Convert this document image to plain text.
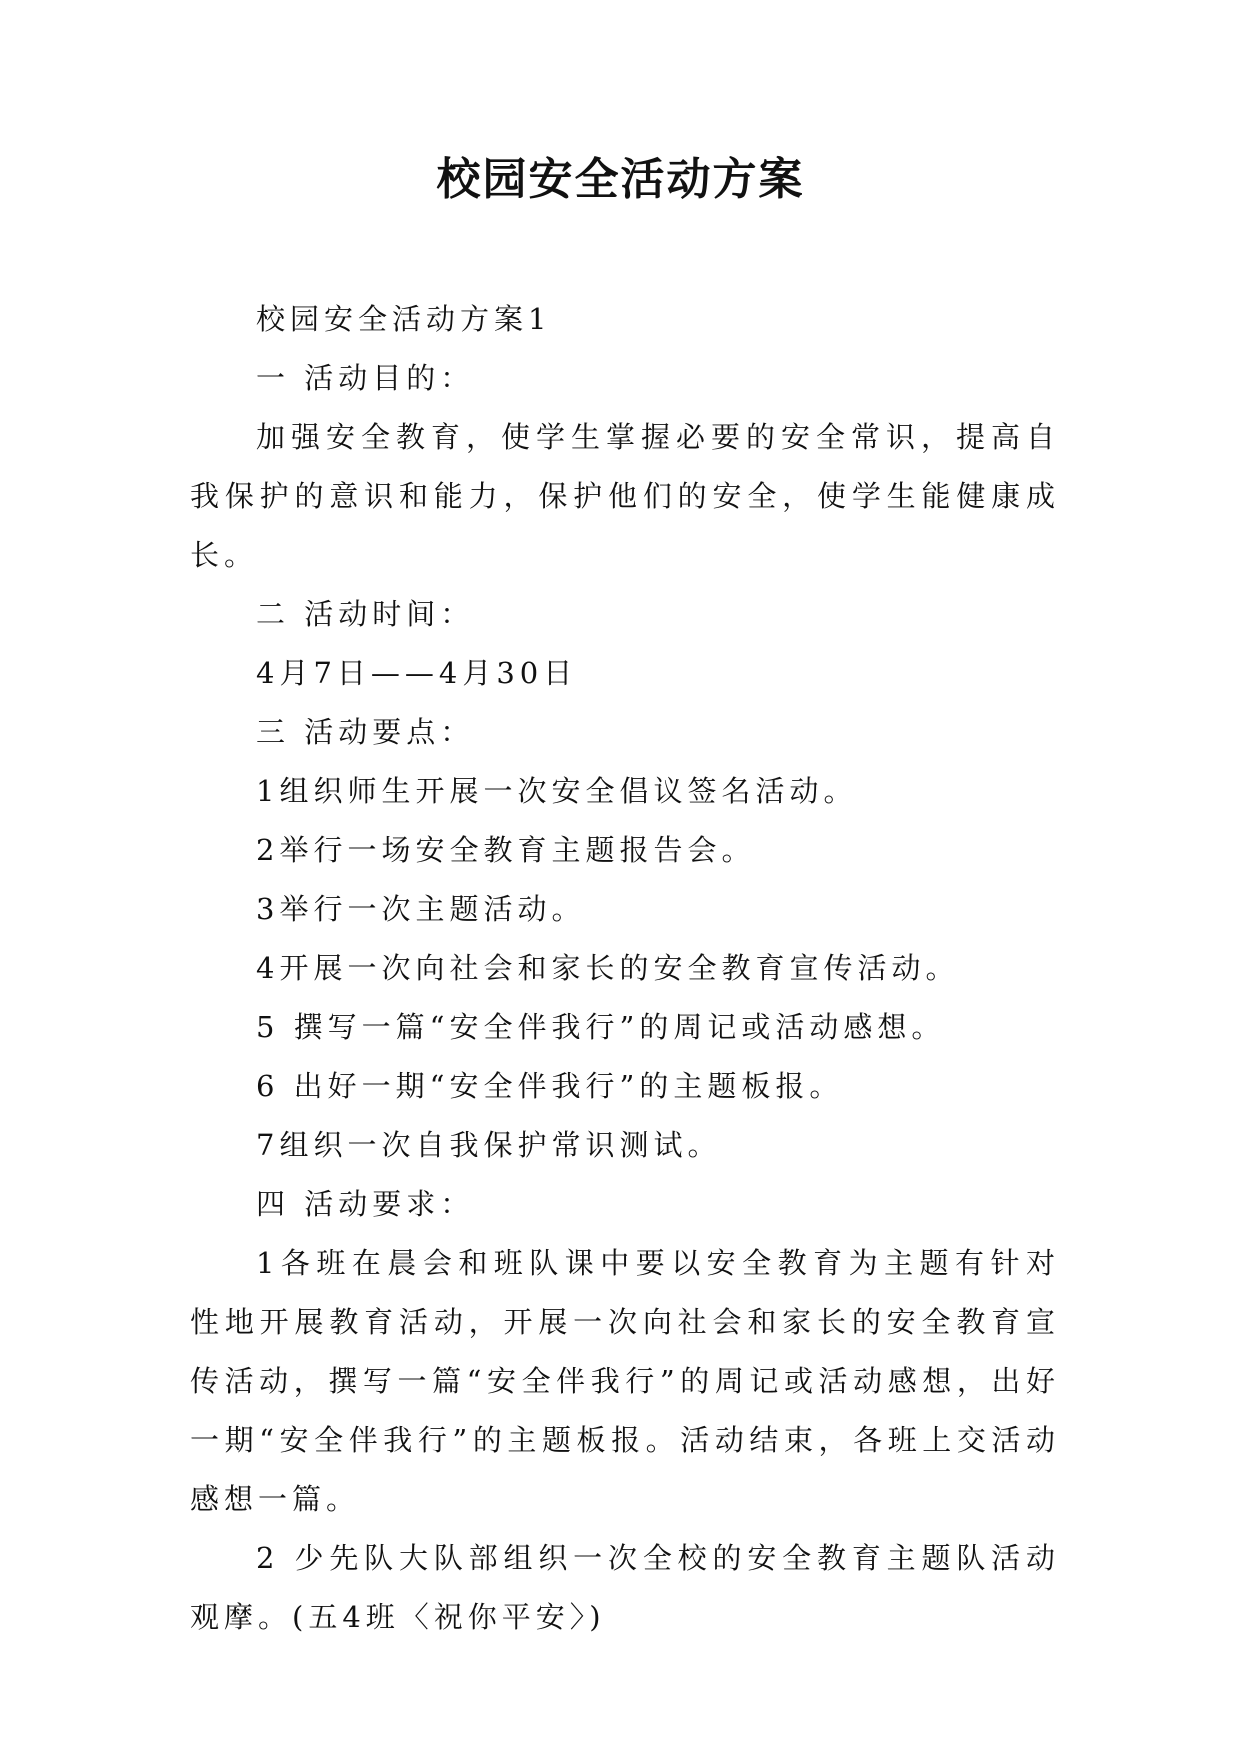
校园安全活动方案

校园安全活动方案1

一 活动目的：

加强安全教育，使学生掌握必要的安全常识，提高自我保护的意识和能力，保护他们的安全，使学生能健康成长。

二 活动时间：

4月7日——4月30日

三 活动要点：

1组织师生开展一次安全倡议签名活动。

2举行一场安全教育主题报告会。

3举行一次主题活动。

4开展一次向社会和家长的安全教育宣传活动。

5 撰写一篇“安全伴我行”的周记或活动感想。

6 出好一期“安全伴我行”的主题板报。

7组织一次自我保护常识测试。

四 活动要求：

1各班在晨会和班队课中要以安全教育为主题有针对性地开展教育活动，开展一次向社会和家长的安全教育宣传活动，撰写一篇“安全伴我行”的周记或活动感想，出好一期“安全伴我行”的主题板报。活动结束，各班上交活动感想一篇。

2 少先队大队部组织一次全校的安全教育主题队活动观摩。(五4班〈祝你平安〉)
